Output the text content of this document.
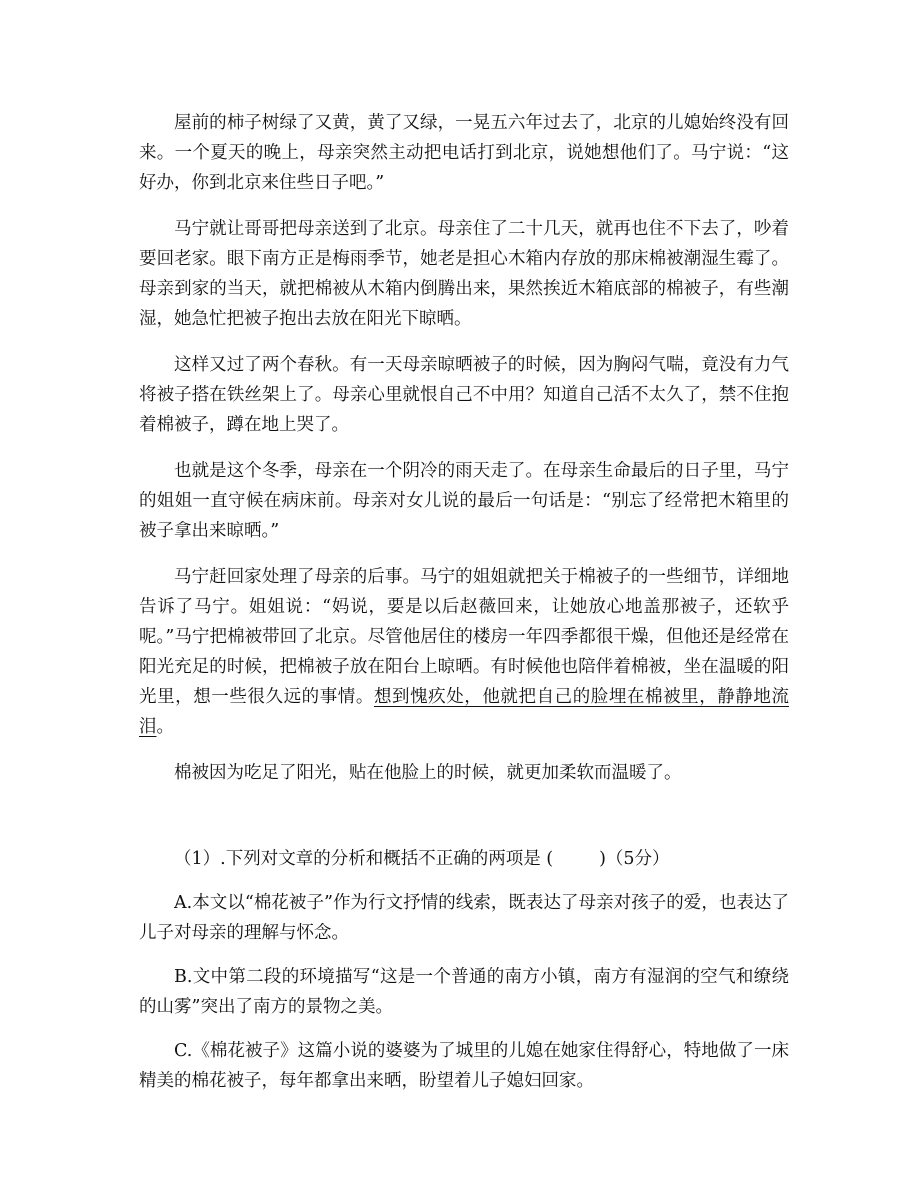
屋前的柿子树绿了又黄，黄了又绿，一晃五六年过去了，北京的儿媳始终没有回来。一个夏天的晚上，母亲突然主动把电话打到北京，说她想他们了。马宁说：“这好办，你到北京来住些日子吧。”

马宁就让哥哥把母亲送到了北京。母亲住了二十几天，就再也住不下去了，吵着要回老家。眼下南方正是梅雨季节，她老是担心木箱内存放的那床棉被潮湿生霉了。母亲到家的当天，就把棉被从木箱内倒腾出来，果然挨近木箱底部的棉被子，有些潮湿，她急忙把被子抱出去放在阳光下晾晒。

这样又过了两个春秋。有一天母亲晾晒被子的时候，因为胸闷气喘，竟没有力气将被子搭在铁丝架上了。母亲心里就恨自己不中用？知道自己活不太久了，禁不住抱着棉被子，蹲在地上哭了。

也就是这个冬季，母亲在一个阴冷的雨天走了。在母亲生命最后的日子里，马宁的姐姐一直守候在病床前。母亲对女儿说的最后一句话是：“别忘了经常把木箱里的被子拿出来晾晒。”

马宁赶回家处理了母亲的后事。马宁的姐姐就把关于棉被子的一些细节，详细地告诉了马宁。姐姐说：“妈说，要是以后赵薇回来，让她放心地盖那被子，还软乎呢。”马宁把棉被带回了北京。尽管他居住的楼房一年四季都很干燥，但他还是经常在阳光充足的时候，把棉被子放在阳台上晾晒。有时候他也陪伴着棉被，坐在温暖的阳光里，想一些很久远的事情。想到愧疚处，他就把自己的脸埋在棉被里，静静地流泪。

棉被因为吃足了阳光，贴在他脸上的时候，就更加柔软而温暖了。

（1）.下列对文章的分析和概括不正确的两项是 (	)（5分）

A.本文以“棉花被子”作为行文抒情的线索，既表达了母亲对孩子的爱，也表达了儿子对母亲的理解与怀念。

B.文中第二段的环境描写“这是一个普通的南方小镇，南方有湿润的空气和缭绕的山雾”突出了南方的景物之美。

C.《棉花被子》这篇小说的婆婆为了城里的儿媳在她家住得舒心，特地做了一床精美的棉花被子，每年都拿出来晒，盼望着儿子媳妇回家。
